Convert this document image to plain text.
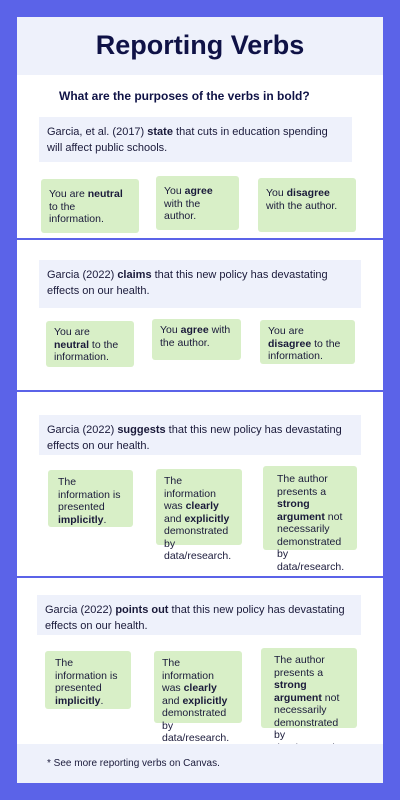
Reporting Verbs
What are the purposes of the verbs in bold?
Garcia, et al. (2017) state that cuts in education spending will affect public schools.
You are neutral to the information.
You agree with the author.
You disagree with the author.
Garcia (2022) claims that this new policy has devastating effects on our health.
You are neutral to the information.
You agree with the author.
You are disagree to the information.
Garcia (2022) suggests that this new policy has devastating effects on our health.
The information is presented implicitly.
The information was clearly and explicitly demonstrated by data/research.
The author presents a strong argument not necessarily demonstrated by data/research.
Garcia (2022) points out that this new policy has devastating effects on our health.
The information is presented implicitly.
The information was clearly and explicitly demonstrated by data/research.
The author presents a strong argument not necessarily demonstrated by
* See more reporting verbs on Canvas.
